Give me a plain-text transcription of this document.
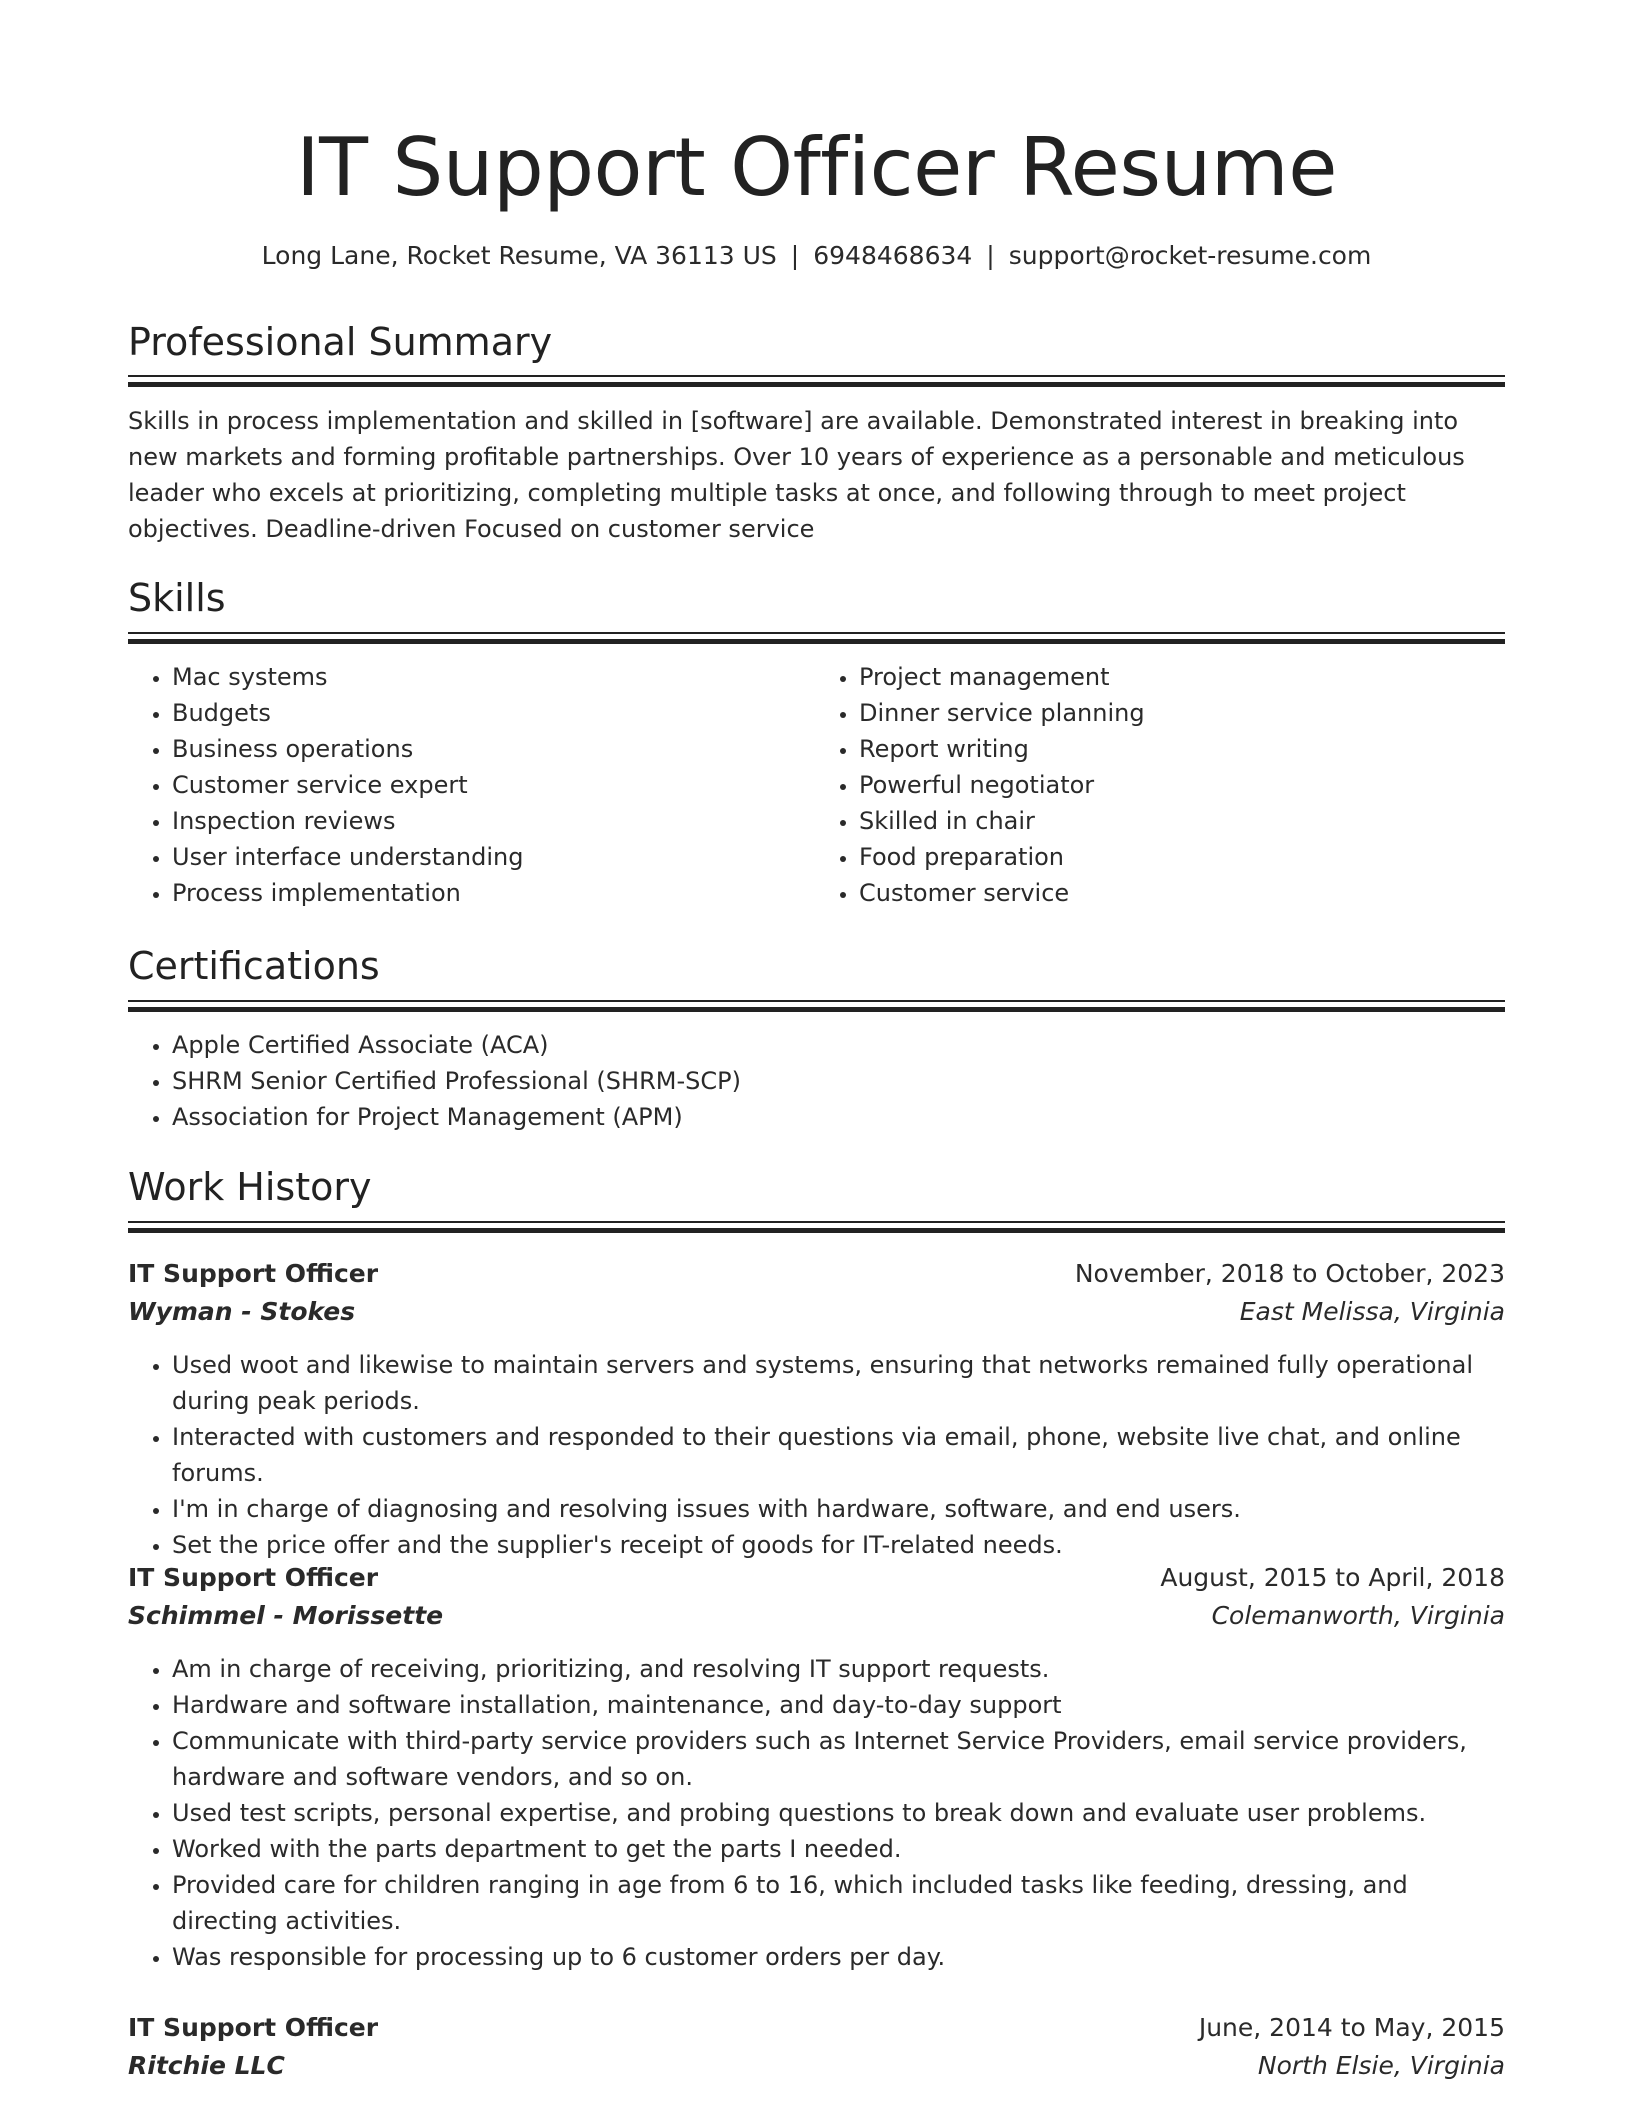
IT Support Officer Resume
Long Lane, Rocket Resume, VA 36113 US | 6948468634 | support@rocket-resume.com
Professional Summary

Skills in process implementation and skilled in [software] are available. Demonstrated interest in breaking into new markets and forming profitable partnerships. Over 10 years of experience as a personable and meticulous leader who excels at prioritizing, completing multiple tasks at once, and following through to meet project objectives. Deadline-driven Focused on customer service

Skills
• Mac systems
• Budgets
• Business operations
• Customer service expert
• Inspection reviews
• User interface understanding
• Process implementation
• Project management
• Dinner service planning
• Report writing
• Powerful negotiator
• Skilled in chair
• Food preparation
• Customer service
Certifications
• Apple Certified Associate (ACA)
• SHRM Senior Certified Professional (SHRM-SCP)
• Association for Project Management (APM)
Work History
IT Support Officer	November, 2018 to October, 2023
Wyman - Stokes	East Melissa, Virginia
• Used woot and likewise to maintain servers and systems, ensuring that networks remained fully operational during peak periods.
• Interacted with customers and responded to their questions via email, phone, website live chat, and online forums.
• I'm in charge of diagnosing and resolving issues with hardware, software, and end users.
• Set the price offer and the supplier's receipt of goods for IT-related needs.
IT Support Officer	August, 2015 to April, 2018
Schimmel - Morissette	Colemanworth, Virginia
• Am in charge of receiving, prioritizing, and resolving IT support requests.
• Hardware and software installation, maintenance, and day-to-day support
• Communicate with third-party service providers such as Internet Service Providers, email service providers, hardware and software vendors, and so on.
• Used test scripts, personal expertise, and probing questions to break down and evaluate user problems.
• Worked with the parts department to get the parts I needed.
• Provided care for children ranging in age from 6 to 16, which included tasks like feeding, dressing, and directing activities.
• Was responsible for processing up to 6 customer orders per day.
IT Support Officer	June, 2014 to May, 2015
Ritchie LLC	North Elsie, Virginia
